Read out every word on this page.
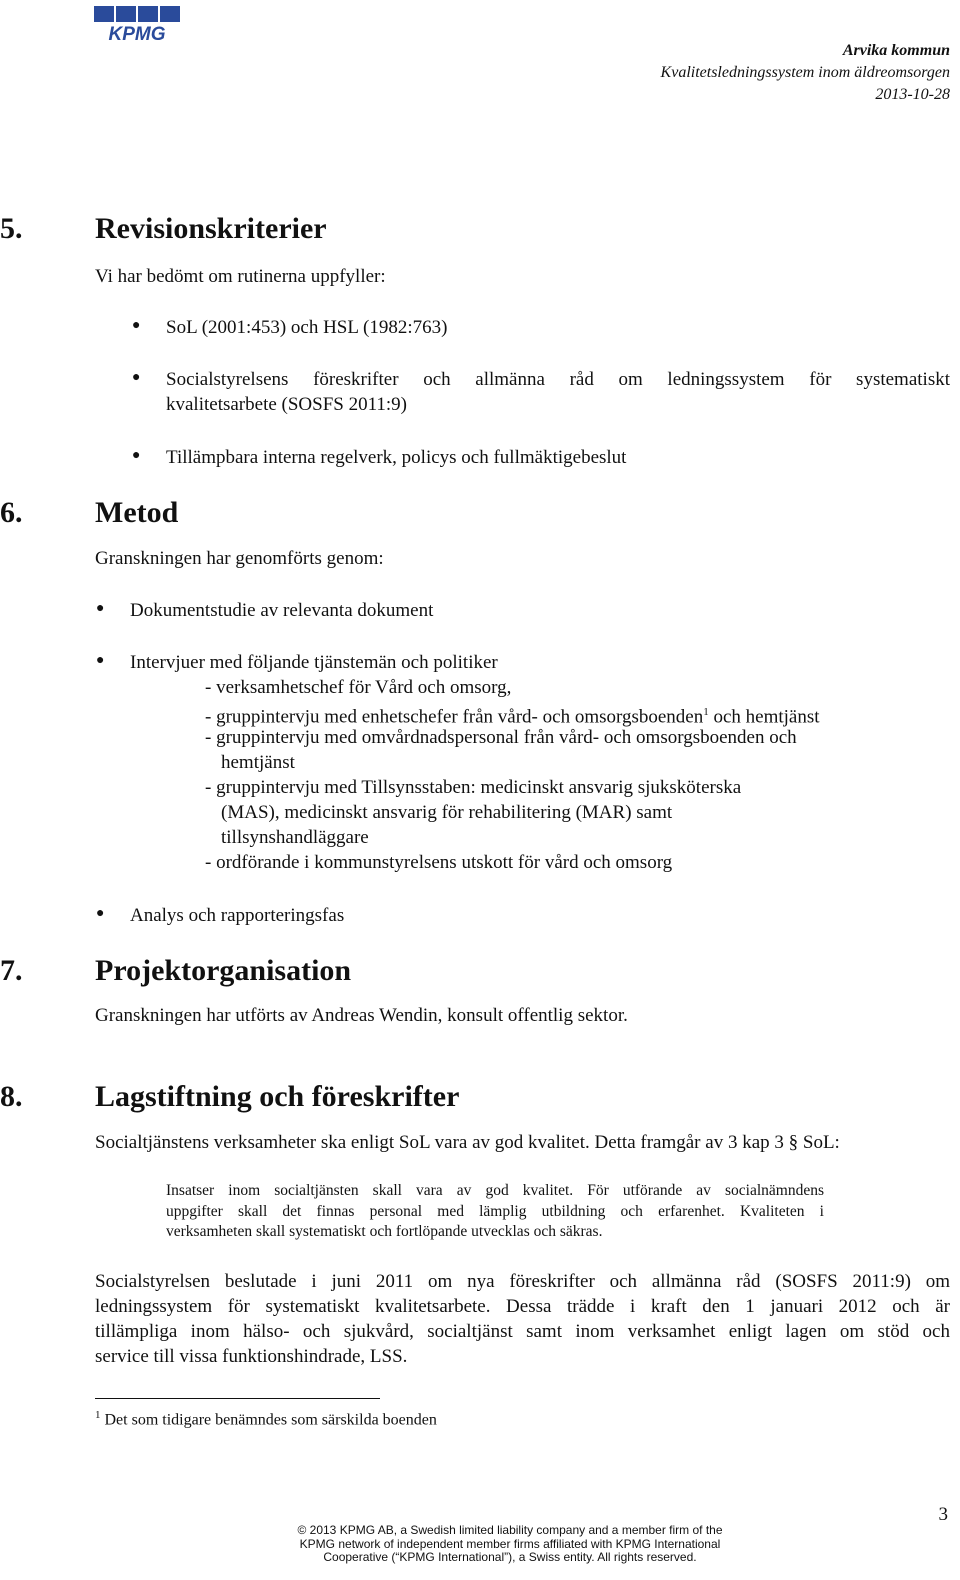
KPMG
Arvika kommun
Kvalitetsledningssystem inom äldreomsorgen
2013-10-28
5. Revisionskriterier
Vi har bedömt om rutinerna uppfyller:
● SoL (2001:453) och HSL (1982:763)
● Socialstyrelsens föreskrifter och allmänna råd om ledningssystem för systematiskt
kvalitetsarbete (SOSFS 2011:9)
● Tillämpbara interna regelverk, policys och fullmäktigebeslut
6. Metod
Granskningen har genomförts genom:
● Dokumentstudie av relevanta dokument
● Intervjuer med följande tjänstemän och politiker
- verksamhetschef för Vård och omsorg,
- gruppintervju med enhetschefer från vård- och omsorgsboenden$^1$ och hemtjänst
- gruppintervju med omvårdnadspersonal från vård- och omsorgsboenden och
hemtjänst
- gruppintervju med Tillsynsstaben: medicinskt ansvarig sjuksköterska
(MAS), medicinskt ansvarig för rehabilitering (MAR) samt
tillsynshandläggare
- ordförande i kommunstyrelsens utskott för vård och omsorg
● Analys och rapporteringsfas
7. Projektorganisation
Granskningen har utförts av Andreas Wendin, konsult offentlig sektor.
8. Lagstiftning och föreskrifter
Socialtjänstens verksamheter ska enligt SoL vara av god kvalitet. Detta framgår av 3 kap 3 § SoL:
Insatser inom socialtjänsten skall vara av god kvalitet. För utförande av socialnämndens
uppgifter skall det finnas personal med lämplig utbildning och erfarenhet. Kvaliteten i
verksamheten skall systematiskt och fortlöpande utvecklas och säkras.
Socialstyrelsen beslutade i juni 2011 om nya föreskrifter och allmänna råd (SOSFS 2011:9) om
ledningssystem för systematiskt kvalitetsarbete. Dessa trädde i kraft den 1 januari 2012 och är
tillämpliga inom hälso- och sjukvård, socialtjänst samt inom verksamhet enligt lagen om stöd och
service till vissa funktionshindrade, LSS.
$^1$ Det som tidigare benämndes som särskilda boenden
© 2013 KPMG AB, a Swedish limited liability company and a member firm of the
KPMG network of independent member firms affiliated with KPMG International
Cooperative (“KPMG International”), a Swiss entity. All rights reserved.
3
